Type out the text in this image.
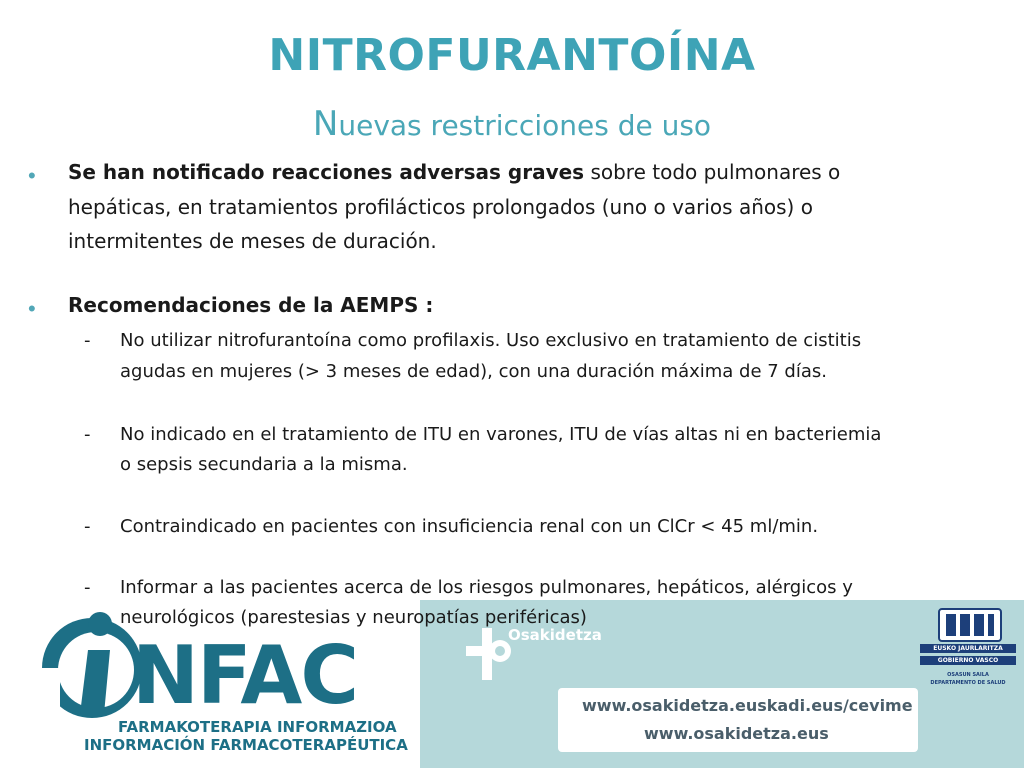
NITROFURANTOÍNA
Nuevas restricciones de uso
Osakidetza
www.osakidetza.euskadi.eus/cevime
www.osakidetza.eus
EUSKO JAURLARITZA
GOBIERNO VASCO
OSASUN SAILA
DEPARTAMENTO DE SALUD
NFAC
FARMAKOTERAPIA INFORMAZIOA
INFORMACIÓN FARMACOTERAPÉUTICA
• Se han notificado reacciones adversas graves sobre todo pulmonares o
hepáticas, en tratamientos profilácticos prolongados (uno o varios años) o
intermitentes de meses de duración.
• Recomendaciones de la AEMPS :
- No utilizar nitrofurantoína como profilaxis. Uso exclusivo en tratamiento de cistitis
agudas en mujeres (> 3 meses de edad), con una duración máxima de 7 días.
- No indicado en el tratamiento de ITU en varones, ITU de vías altas ni en bacteriemia
o sepsis secundaria a la misma.
- Contraindicado en pacientes con insuficiencia renal con un ClCr < 45 ml/min.
- Informar a las pacientes acerca de los riesgos pulmonares, hepáticos, alérgicos y
neurológicos (parestesias y neuropatías periféricas)
